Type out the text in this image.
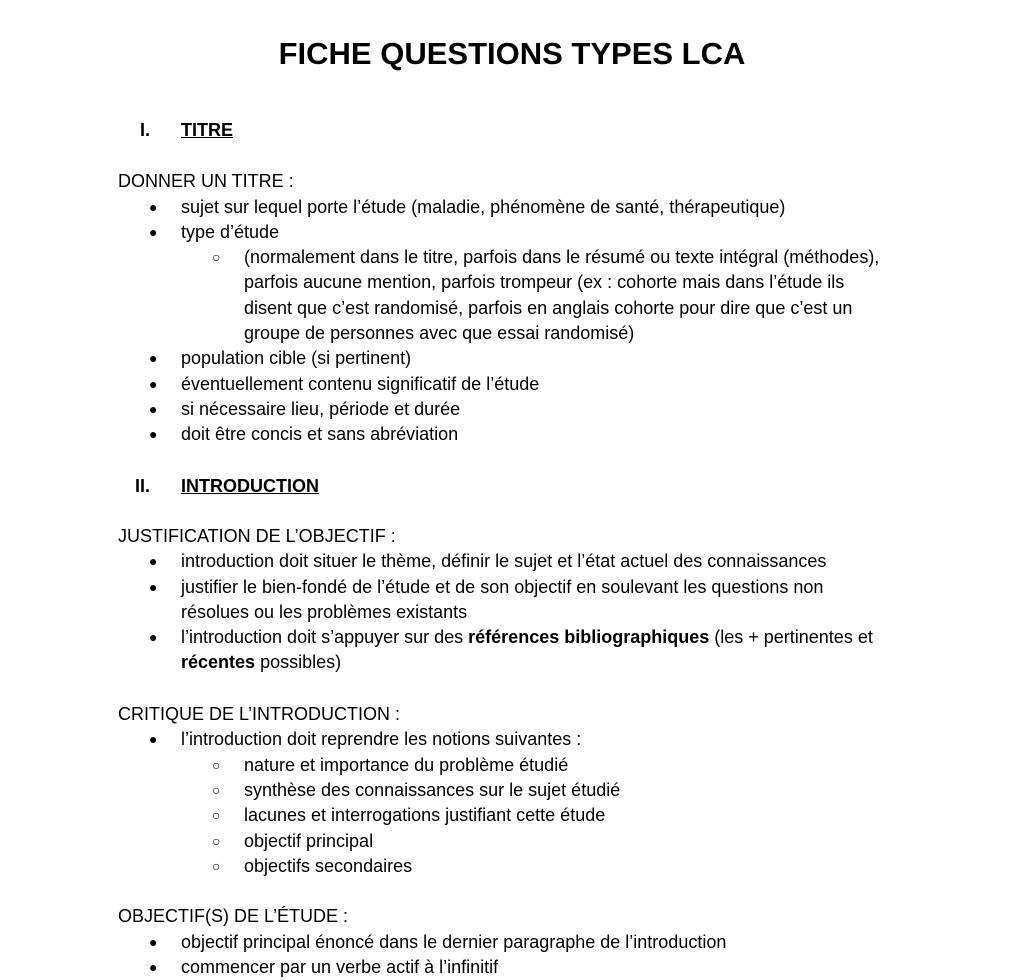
FICHE QUESTIONS TYPES LCA
I. TITRE
DONNER UN TITRE :
● sujet sur lequel porte l’étude (maladie, phénomène de santé, thérapeutique)
● type d’étude
○ (normalement dans le titre, parfois dans le résumé ou texte intégral (méthodes), parfois aucune mention, parfois trompeur (ex : cohorte mais dans l’étude ils disent que c’est randomisé, parfois en anglais cohorte pour dire que c’est un groupe de personnes avec que essai randomisé)
● population cible (si pertinent)
● éventuellement contenu significatif de l’étude
● si nécessaire lieu, période et durée
● doit être concis et sans abréviation
II. INTRODUCTION
JUSTIFICATION DE L’OBJECTIF :
● introduction doit situer le thème, définir le sujet et l’état actuel des connaissances
● justifier le bien-fondé de l’étude et de son objectif en soulevant les questions non résolues ou les problèmes existants
● l’introduction doit s’appuyer sur des références bibliographiques (les + pertinentes et récentes possibles)
CRITIQUE DE L’INTRODUCTION :
● l’introduction doit reprendre les notions suivantes :
○ nature et importance du problème étudié
○ synthèse des connaissances sur le sujet étudié
○ lacunes et interrogations justifiant cette étude
○ objectif principal
○ objectifs secondaires
OBJECTIF(S) DE L’ÉTUDE :
● objectif principal énoncé dans le dernier paragraphe de l’introduction
● commencer par un verbe actif à l’infinitif
